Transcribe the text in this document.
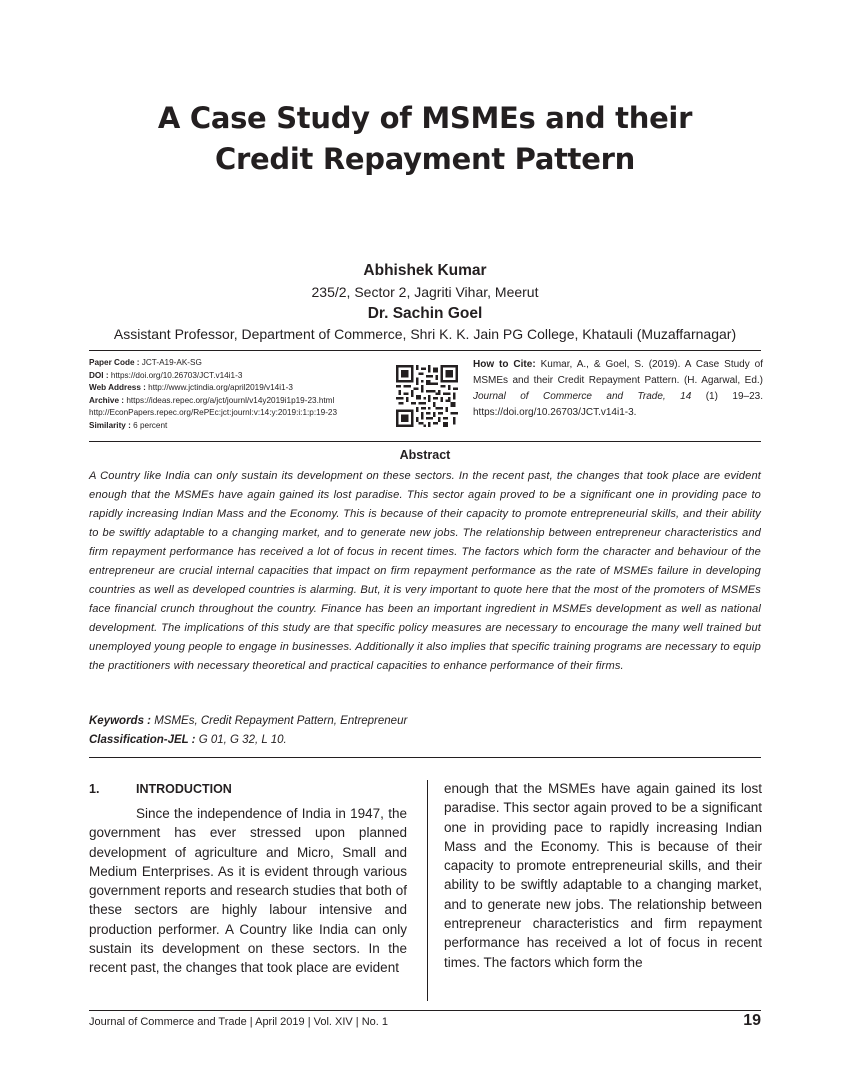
A Case Study of MSMEs and their
Credit Repayment Pattern
Abhishek Kumar
235/2, Sector 2, Jagriti Vihar, Meerut
Dr. Sachin Goel
Assistant Professor, Department of Commerce, Shri K. K. Jain PG College, Khatauli (Muzaffarnagar)
Paper Code : JCT-A19-AK-SG
DOI : https://doi.org/10.26703/JCT.v14i1-3
Web Address : http://www.jctindia.org/april2019/v14i1-3
Archive : https://ideas.repec.org/a/jct/journl/v14y2019i1p19-23.html
http://EconPapers.repec.org/RePEc:jct:journl:v:14:y:2019:i:1:p:19-23
Similarity : 6 percent
How to Cite: Kumar, A., & Goel, S. (2019). A Case Study of MSMEs and their Credit Repayment Pattern. (H. Agarwal, Ed.) Journal of Commerce and Trade, 14 (1) 19–23. https://doi.org/10.26703/JCT.v14i1-3.
Abstract
A Country like India can only sustain its development on these sectors. In the recent past, the changes that took place are evident enough that the MSMEs have again gained its lost paradise. This sector again proved to be a significant one in providing pace to rapidly increasing Indian Mass and the Economy. This is because of their capacity to promote entrepreneurial skills, and their ability to be swiftly adaptable to a changing market, and to generate new jobs. The relationship between entrepreneur characteristics and firm repayment performance has received a lot of focus in recent times. The factors which form the character and behaviour of the entrepreneur are crucial internal capacities that impact on firm repayment performance as the rate of MSMEs failure in developing countries as well as developed countries is alarming. But, it is very important to quote here that the most of the promoters of MSMEs face financial crunch throughout the country. Finance has been an important ingredient in MSMEs development as well as national development. The implications of this study are that specific policy measures are necessary to encourage the many well trained but unemployed young people to engage in businesses. Additionally it also implies that specific training programs are necessary to equip the practitioners with necessary theoretical and practical capacities to enhance performance of their firms.
Keywords : MSMEs, Credit Repayment Pattern, Entrepreneur
Classification-JEL : G 01, G 32, L 10.
1.	INTRODUCTION
Since the independence of India in 1947, the government has ever stressed upon planned development of agriculture and Micro, Small and Medium Enterprises. As it is evident through various government reports and research studies that both of these sectors are highly labour intensive and production performer. A Country like India can only sustain its development on these sectors. In the recent past, the changes that took place are evident
enough that the MSMEs have again gained its lost paradise. This sector again proved to be a significant one in providing pace to rapidly increasing Indian Mass and the Economy. This is because of their capacity to promote entrepreneurial skills, and their ability to be swiftly adaptable to a changing market, and to generate new jobs. The relationship between entrepreneur characteristics and firm repayment performance has received a lot of focus in recent times. The factors which form the
Journal of Commerce and Trade | April 2019 | Vol. XIV | No. 1	19
